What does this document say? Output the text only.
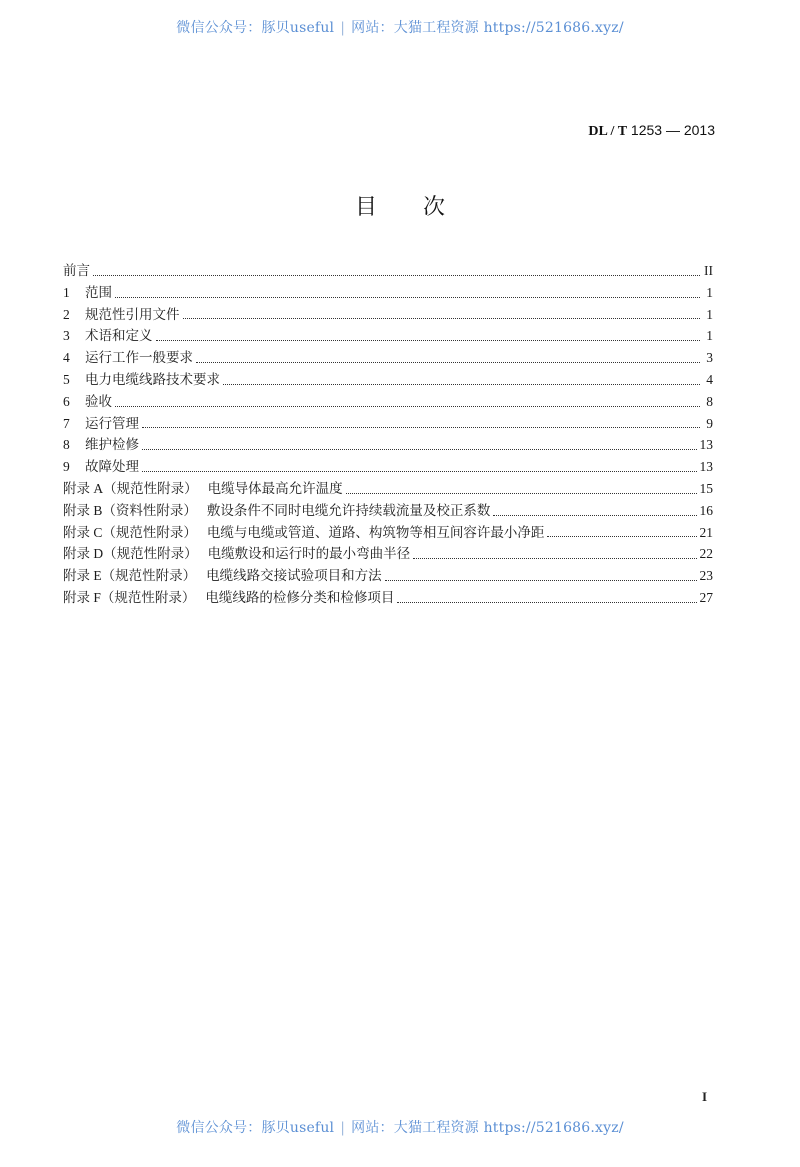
微信公众号：豚贝useful | 网站：大猫工程资源 https://521686.xyz/
DL / T 1253 — 2013
目 次
前言	II
1	范围	1
2	规范性引用文件	1
3	术语和定义	1
4	运行工作一般要求	3
5	电力电缆线路技术要求	4
6	验收	8
7	运行管理	9
8	维护检修	13
9	故障处理	13
附录 A（规范性附录） 电缆导体最高允许温度	15
附录 B（资料性附录） 敷设条件不同时电缆允许持续载流量及校正系数	16
附录 C（规范性附录） 电缆与电缆或管道、道路、构筑物等相互间容许最小净距	21
附录 D（规范性附录） 电缆敷设和运行时的最小弯曲半径	22
附录 E（规范性附录） 电缆线路交接试验项目和方法	23
附录 F（规范性附录） 电缆线路的检修分类和检修项目	27
I
微信公众号：豚贝useful | 网站：大猫工程资源 https://521686.xyz/
